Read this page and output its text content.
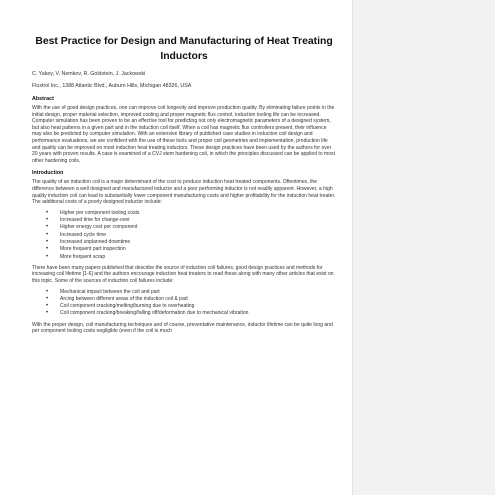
Best Practice for Design and Manufacturing of Heat Treating Inductors
C. Yakey, V. Nemkov, R. Goldstein, J. Jackowski
Fluxtrol Inc., 1388 Atlantic Blvd., Auburn Hills, Michigan 48326, USA
Abstract
With the use of good design practices, one can improve coil longevity and improve production quality. By eliminating failure points in the initial design, proper material selection, improved cooling and proper magnetic flux control, induction tooling life can be increased. Computer simulation has been proven to be an effective tool for predicting not only electromagnetic parameters of a designed system, but also heat patterns in a given part and in the induction coil itself. When a coil has magnetic flux controllers present, their influence may also be predicted by computer simulation. With an extensive library of published case studies in induction coil design and performance evaluations, we are confident with the use of these tools and proper coil geometries and implementation, production life and quality can be improved on most induction heat treating inductors. These design practices have been used by the authors for over 20 years with proven results. A case is examined of a CVJ stem hardening coil, in which the principles discussed can be applied to most other hardening coils.
Introduction
The quality of an induction coil is a major determinant of the cost to produce induction heat treated components. Oftentimes, the difference between a well designed and manufactured inductor and a poor performing inductor is not readily apparent. However, a high quality induction coil can lead to substantially lower component manufacturing costs and higher profitability for the induction heat treater. The additional costs of a poorly designed inductor include:
• Higher per component tooling costs
• Increased time for change-over
• Higher energy cost per component
• Increased cycle time
• Increased unplanned downtime
• More frequent part inspection
• More frequent scrap
There have been many papers published that describe the source of induction coil failures, good design practices and methods for increasing coil lifetime [1-6] and the authors encourage induction heat treaters to read these along with many other articles that exist on this topic. Some of the sources of induction coil failures include:
• Mechanical impact between the coil and part
• Arcing between different areas of the induction coil & part
• Coil component cracking/melting/burning due to overheating
• Coil component cracking/breaking/falling off/deformation due to mechanical vibration
With the proper design, coil manufacturing techniques and of course, preventative maintenance, inductor lifetime can be quite long and per component tooling costs negligible (even if the coil is much
